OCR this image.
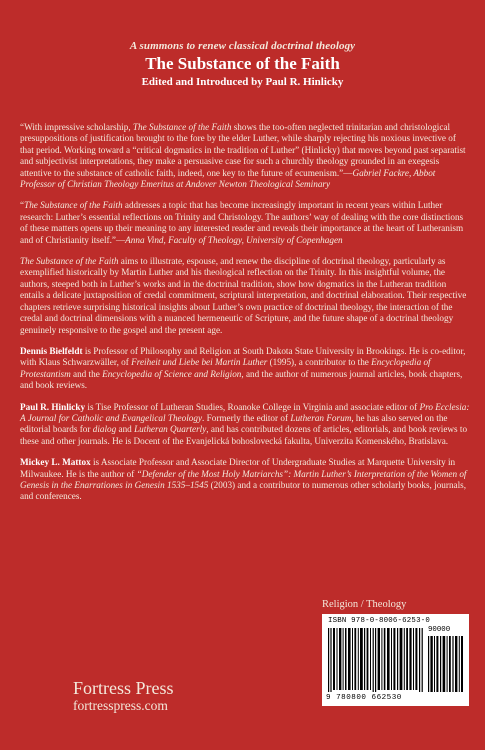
A summons to renew classical doctrinal theology
The Substance of the Faith
Edited and Introduced by Paul R. Hinlicky

“With impressive scholarship, The Substance of the Faith shows the too-often neglected trinitarian and christological presuppositions of justification brought to the fore by the elder Luther, while sharply rejecting his noxious invective of that period. Working toward a “critical dogmatics in the tradition of Luther” (Hinlicky) that moves beyond past separatist and subjectivist interpretations, they make a persuasive case for such a churchly theology grounded in an exegesis attentive to the substance of catholic faith, indeed, one key to the future of ecumenism.”—Gabriel Fackre, Abbot Professor of Christian Theology Emeritus at Andover Newton Theological Seminary

“The Substance of the Faith addresses a topic that has become increasingly important in recent years within Luther research: Luther’s essential reflections on Trinity and Christology. The authors’ way of dealing with the core distinctions of these matters opens up their meaning to any interested reader and reveals their importance at the heart of Lutheranism and of Christianity itself.”—Anna Vind, Faculty of Theology, University of Copenhagen

The Substance of the Faith aims to illustrate, espouse, and renew the discipline of doctrinal theology, particularly as exemplified historically by Martin Luther and his theological reflection on the Trinity. In this insightful volume, the authors, steeped both in Luther’s works and in the doctrinal tradition, show how dogmatics in the Lutheran tradition entails a delicate juxtaposition of credal commitment, scriptural interpretation, and doctrinal elaboration. Their respective chapters retrieve surprising historical insights about Luther’s own practice of doctrinal theology, the interaction of the credal and doctrinal dimensions with a nuanced hermeneutic of Scripture, and the future shape of a doctrinal theology genuinely responsive to the gospel and the present age.

Dennis Bielfeldt is Professor of Philosophy and Religion at South Dakota State University in Brookings. He is co-editor, with Klaus Schwarzwäller, of Freiheit und Liebe bei Martin Luther (1995), a contributor to the Encyclopedia of Protestantism and the Encyclopedia of Science and Religion, and the author of numerous journal articles, book chapters, and book reviews.

Paul R. Hinlicky is Tise Professor of Lutheran Studies, Roanoke College in Virginia and associate editor of Pro Ecclesia: A Journal for Catholic and Evangelical Theology. Formerly the editor of Lutheran Forum, he has also served on the editorial boards for dialog and Lutheran Quarterly, and has contributed dozens of articles, editorials, and book reviews to these and other journals. He is Docent of the Evanjelická bohoslovecká fakulta, Univerzita Komenského, Bratislava.

Mickey L. Mattox is Associate Professor and Associate Director of Undergraduate Studies at Marquette University in Milwaukee. He is the author of “Defender of the Most Holy Matriarchs”: Martin Luther’s Interpretation of the Women of Genesis in the Enarrationes in Genesin 1535–1545 (2003) and a contributor to numerous other scholarly books, journals, and conferences.

Religion / Theology
ISBN 978-0-8006-6253-0
90000
9 780800 662530
Fortress Press
fortresspress.com
